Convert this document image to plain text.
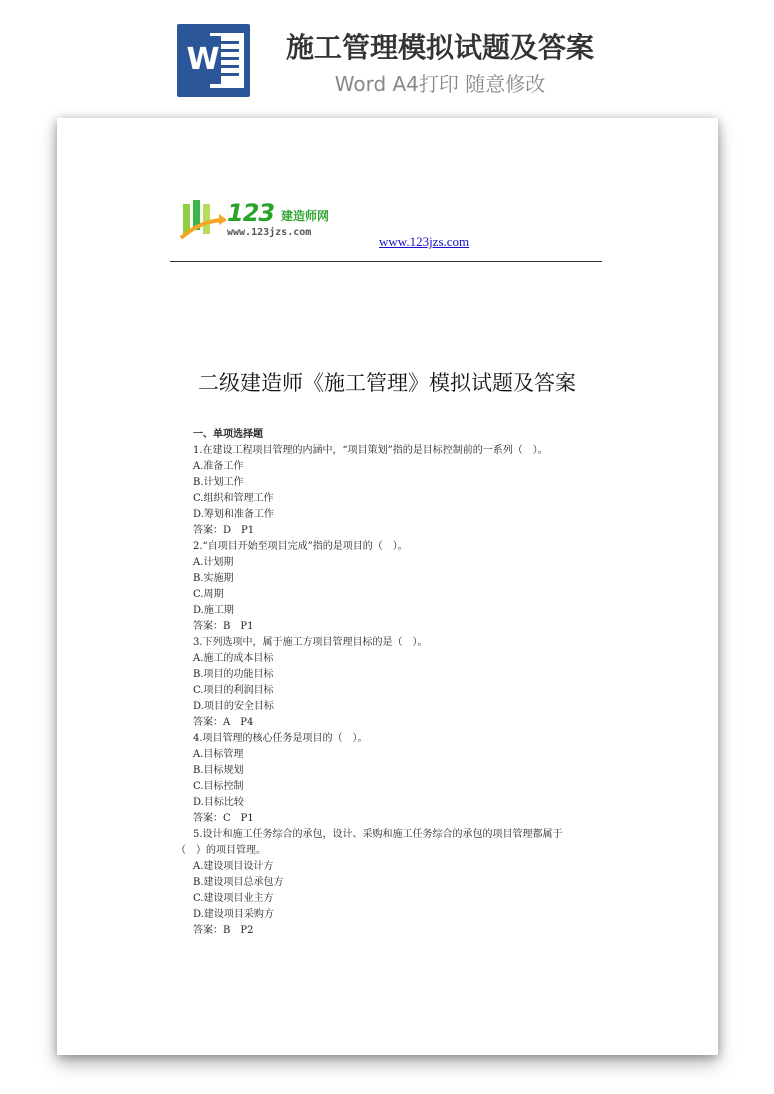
W	施工管理模拟试题及答案
Word A4打印 随意修改
123 建造师网
www.123jzs.com
www.123jzs.com
二级建造师《施工管理》模拟试题及答案
一、单项选择题
1.在建设工程项目管理的内涵中，“项目策划”指的是目标控制前的一系列（　）。
A.准备工作
B.计划工作
C.组织和管理工作
D.筹划和准备工作
答案：D　P1
2.“自项目开始至项目完成”指的是项目的（　）。
A.计划期
B.实施期
C.周期
D.施工期
答案：B　P1
3.下列选项中，属于施工方项目管理目标的是（　）。
A.施工的成本目标
B.项目的功能目标
C.项目的利润目标
D.项目的安全目标
答案：A　P4
4.项目管理的核心任务是项目的（　）。
A.目标管理
B.目标规划
C.目标控制
D.目标比较
答案：C　P1
5.设计和施工任务综合的承包，设计、采购和施工任务综合的承包的项目管理都属于
（　）的项目管理。
A.建设项目设计方
B.建设项目总承包方
C.建设项目业主方
D.建设项目采购方
答案：B　P2
